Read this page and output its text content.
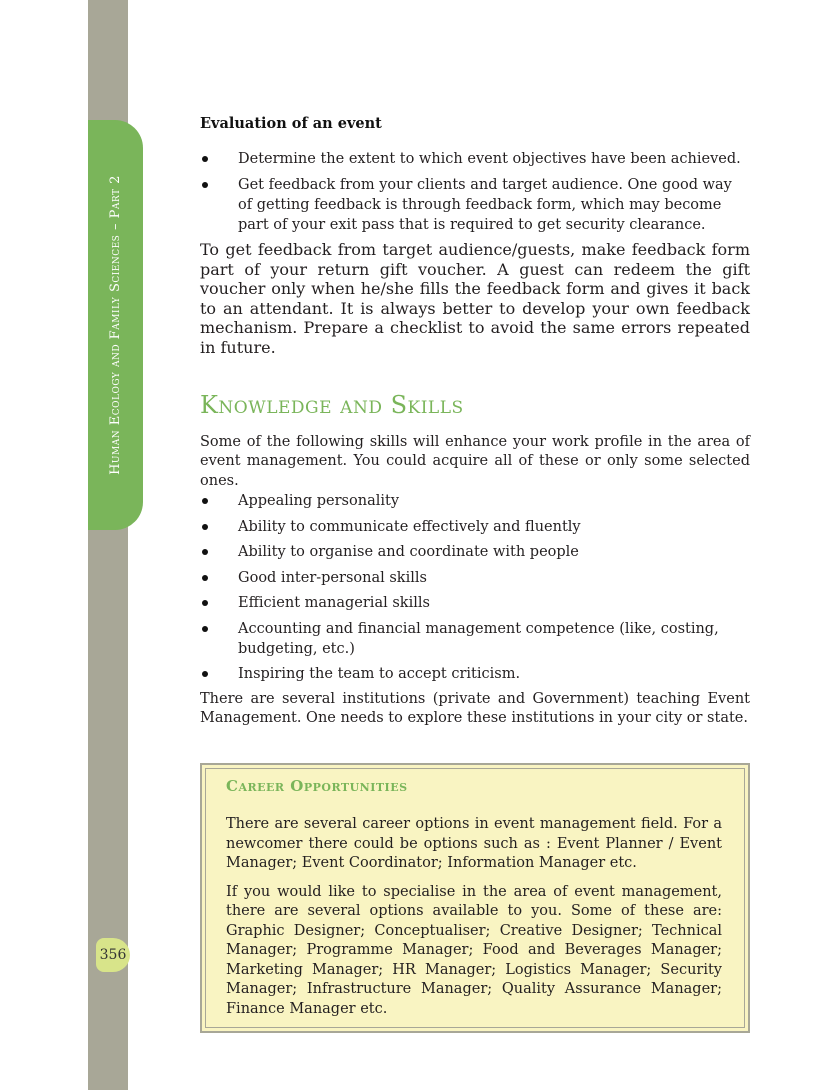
Human Ecology and Family Sciences – Part 2
356
Evaluation of an event
Determine the extent to which event objectives have been achieved.
Get feedback from your clients and target audience. One good way of getting feedback is through feedback form, which may become part of your exit pass that is required to get security clearance.

To get feedback from target audience/guests, make feedback form part of your return gift voucher. A guest can redeem the gift voucher only when he/she fills the feedback form and gives it back to an attendant. It is always better to develop your own feedback mechanism. Prepare a checklist to avoid the same errors repeated in future.

Knowledge and Skills

Some of the following skills will enhance your work profile in the area of event management. You could acquire all of these or only some selected ones.

Appealing personality
Ability to communicate effectively and fluently
Ability to organise and coordinate with people
Good inter-personal skills
Efficient managerial skills
Accounting and financial management competence (like, costing, budgeting, etc.)
Inspiring the team to accept criticism.

There are several institutions (private and Government) teaching Event Management. One needs to explore these institutions in your city or state.

Career Opportunities

There are several career options in event management field. For a newcomer there could be options such as : Event Planner / Event Manager; Event Coordinator; Information Manager etc.

If you would like to specialise in the area of event management, there are several options available to you. Some of these are: Graphic Designer; Conceptualiser; Creative Designer; Technical Manager; Programme Manager; Food and Beverages Manager; Marketing Manager; HR Manager; Logistics Manager; Security Manager; Infrastructure Manager; Quality Assurance Manager; Finance Manager etc.
